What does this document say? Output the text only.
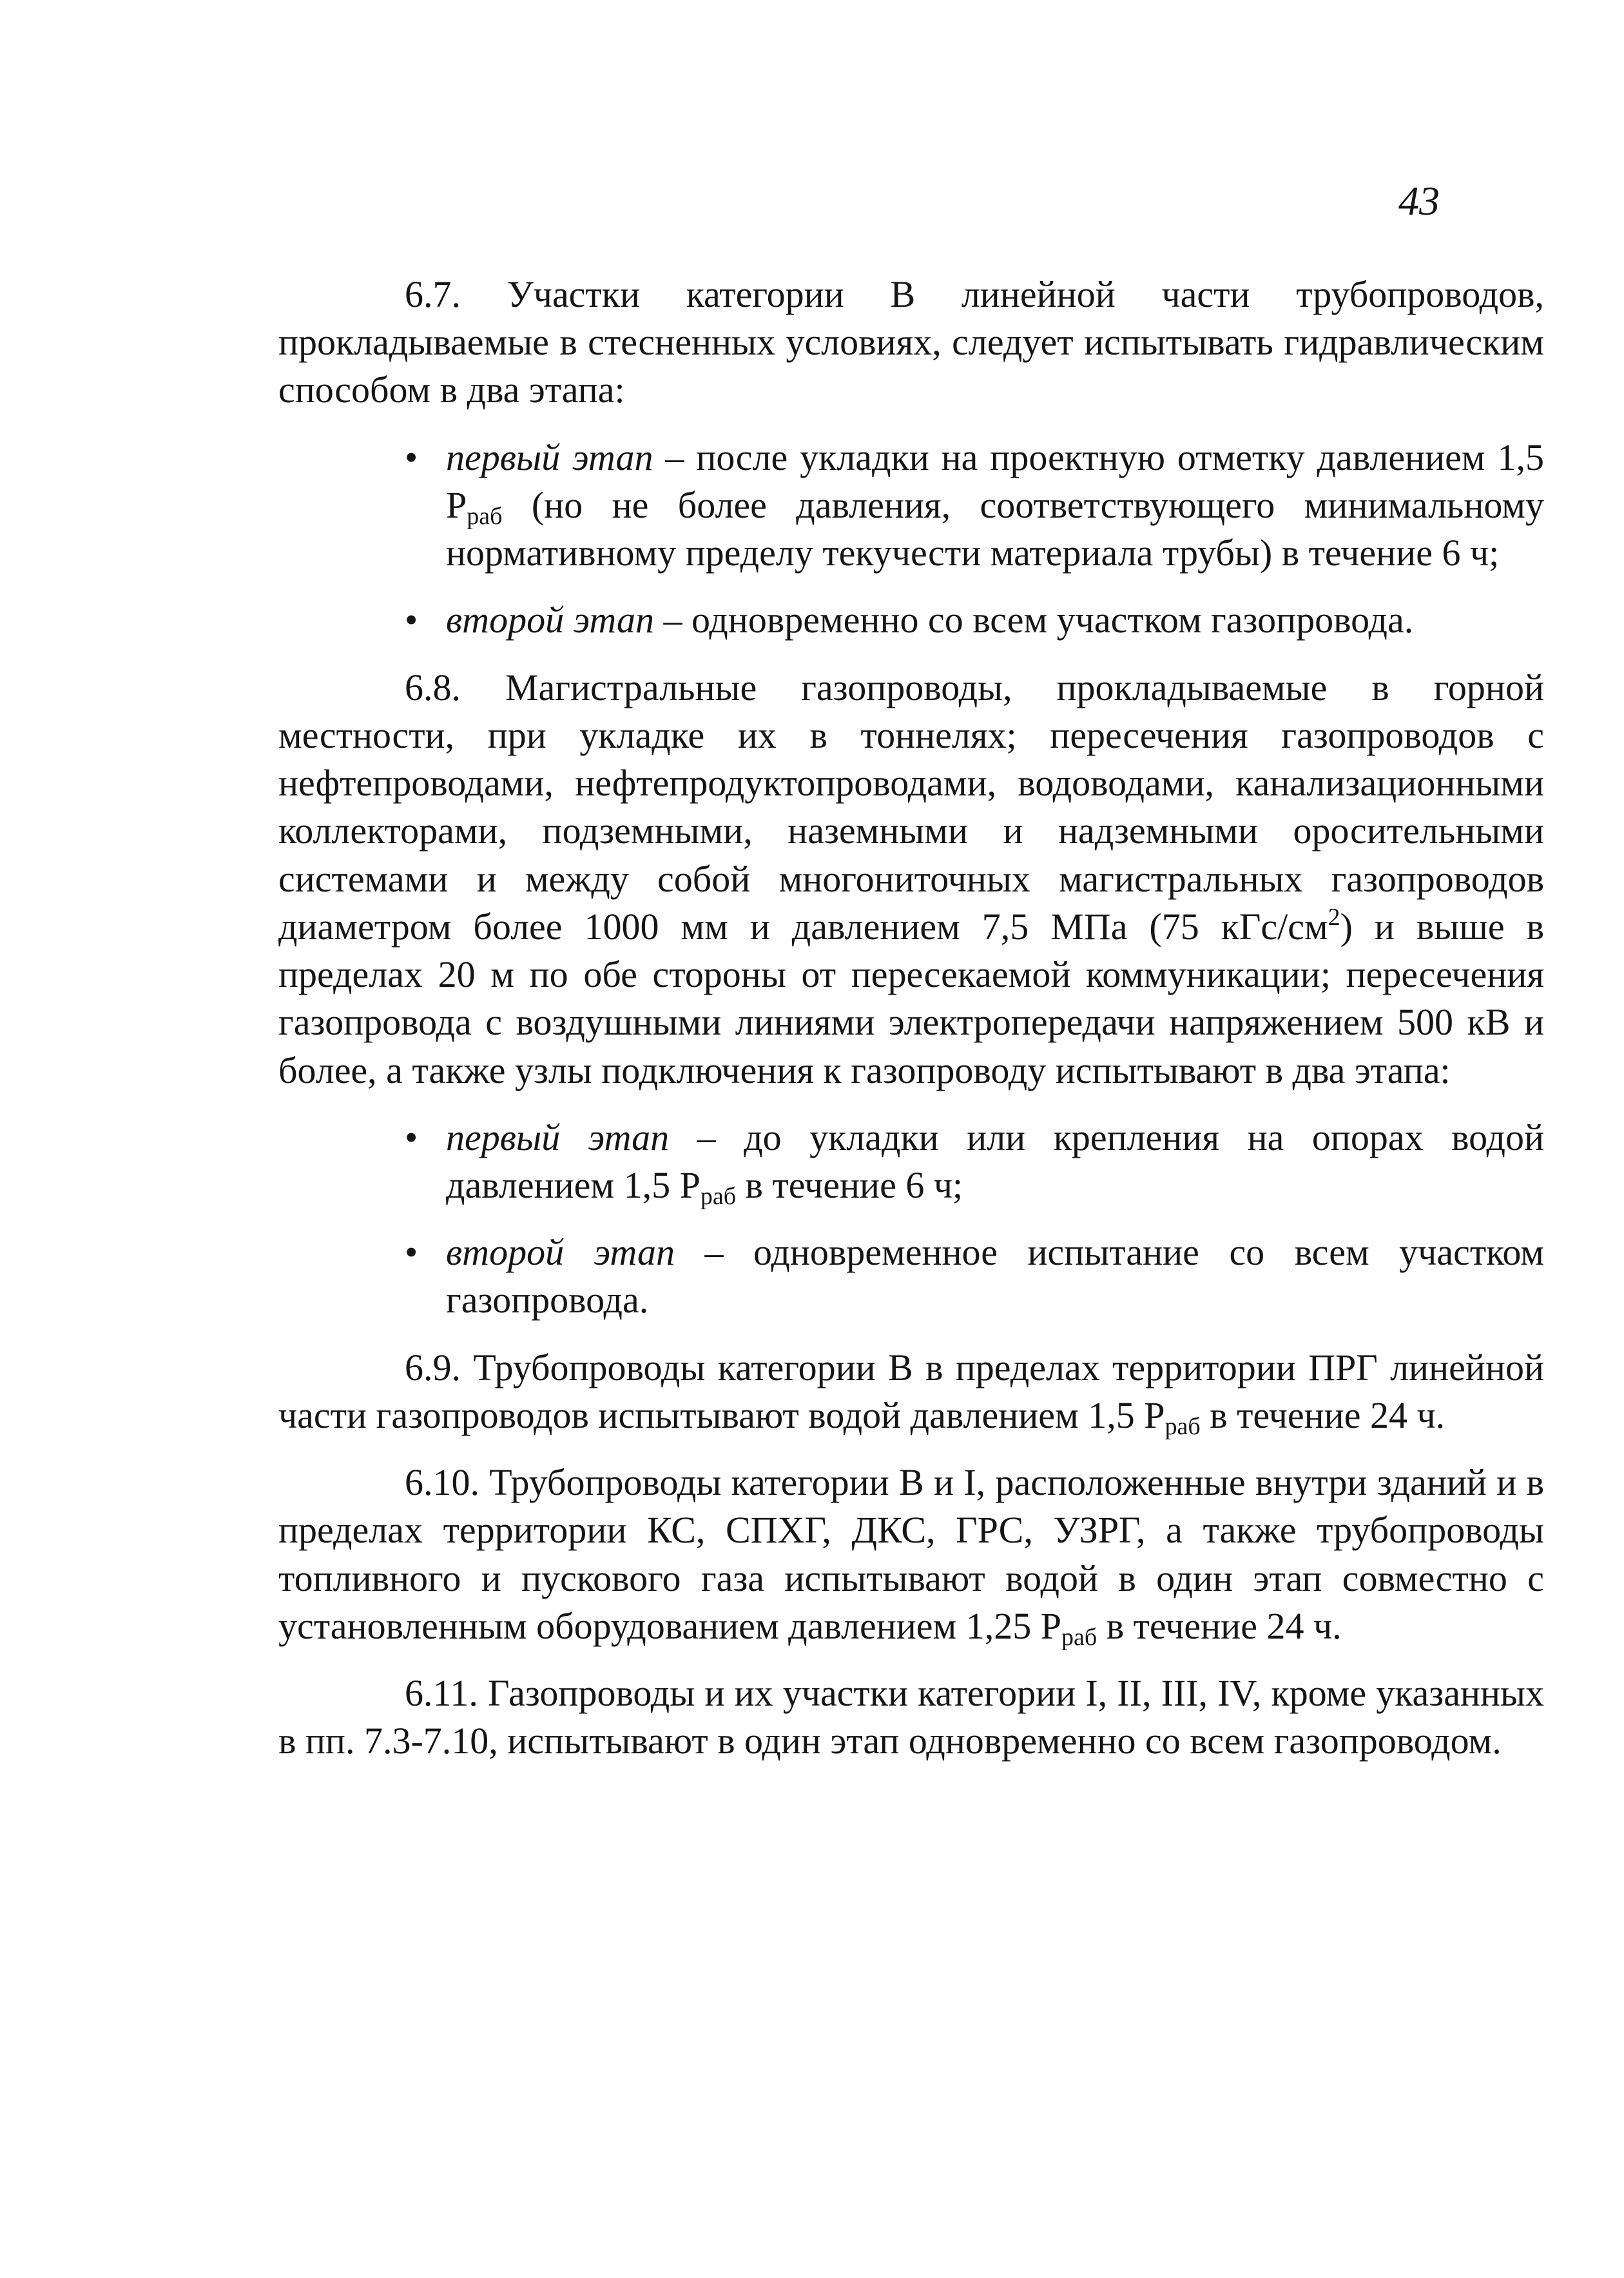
43

6.7. Участки категории В линейной части трубопроводов, прокладываемые в стесненных условиях, следует испытывать гидравлическим способом в два этапа:

• первый этап – после укладки на проектную отметку давлением 1,5 $P_{раб}$ (но не более давления, соответствующего минимальному нормативному пределу текучести материала трубы) в течение 6 ч;
• второй этап – одновременно со всем участком газопровода.

6.8. Магистральные газопроводы, прокладываемые в горной местности, при укладке их в тоннелях; пересечения газопроводов с нефтепроводами, нефтепродуктопроводами, водоводами, канализационными коллекторами, подземными, наземными и надземными оросительными системами и между собой многониточных магистральных газопроводов диаметром более 1000 мм и давлением 7,5 МПа (75 кГс/$см^2$) и выше в пределах 20 м по обе стороны от пересекаемой коммуникации; пересечения газопровода с воздушными линиями электропередачи напряжением 500 кВ и более, а также узлы подключения к газопроводу испытывают в два этапа:

• первый этап – до укладки или крепления на опорах водой давлением 1,5 $P_{раб}$ в течение 6 ч;
• второй этап – одновременное испытание со всем участком газопровода.

6.9. Трубопроводы категории В в пределах территории ПРГ линейной части газопроводов испытывают водой давлением 1,5 $P_{раб}$ в течение 24 ч.

6.10. Трубопроводы категории В и I, расположенные внутри зданий и в пределах территории КС, СПХГ, ДКС, ГРС, УЗРГ, а также трубопроводы топливного и пускового газа испытывают водой в один этап совместно с установленным оборудованием давлением 1,25 $P_{раб}$ в течение 24 ч.

6.11. Газопроводы и их участки категории I, II, III, IV, кроме указанных в пп. 7.3-7.10, испытывают в один этап одновременно со всем газопроводом.
